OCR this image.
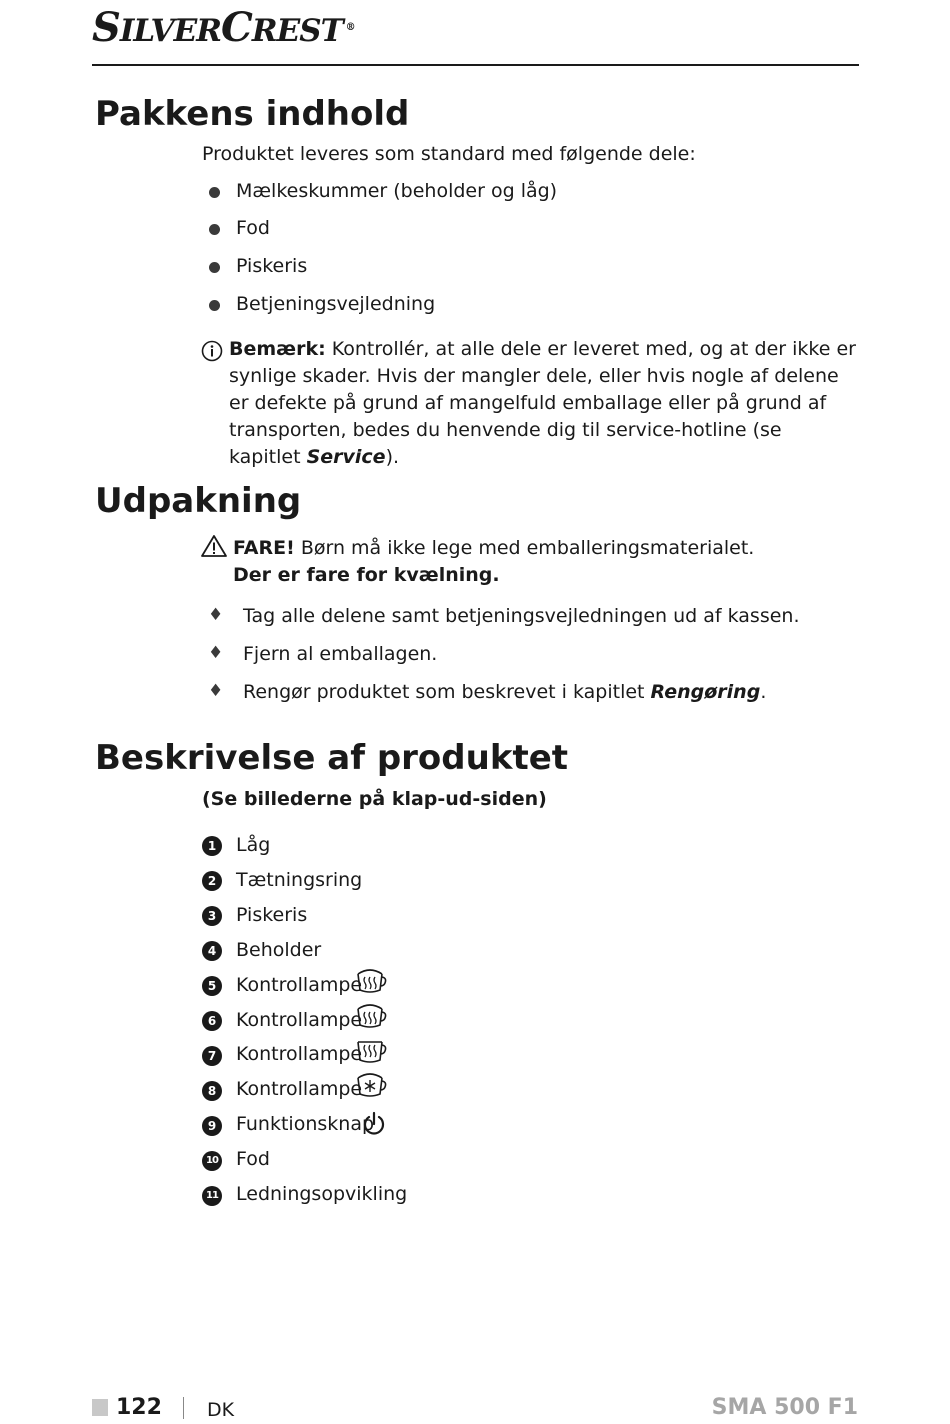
SILVERCREST ®
Pakkens indhold
Produktet leveres som standard med følgende dele:
Mælkeskummer (beholder og låg)
Fod
Piskeris
Betjeningsvejledning
Bemærk: Kontrollér, at alle dele er leveret med, og at der ikke er synlige skader. Hvis der mangler dele, eller hvis nogle af delene er defekte på grund af mangelfuld emballage eller på grund af transporten, bedes du henvende dig til service-hotline (se kapitlet Service).
Udpakning
FARE! Børn må ikke lege med emballeringsmaterialet.
Der er fare for kvælning.
♦ Tag alle delene samt betjeningsvejledningen ud af kassen.
♦ Fjern al emballagen.
♦ Rengør produktet som beskrevet i kapitlet Rengøring.
Beskrivelse af produktet
(Se billederne på klap-ud-siden)
1	Låg
2	Tætningsring
3	Piskeris
4	Beholder
5	Kontrollampe
6	Kontrollampe
7	Kontrollampe
8	Kontrollampe
9	Funktionsknap
10 Fod
11 Ledningsopvikling
122 DK	SMA 500 F1
